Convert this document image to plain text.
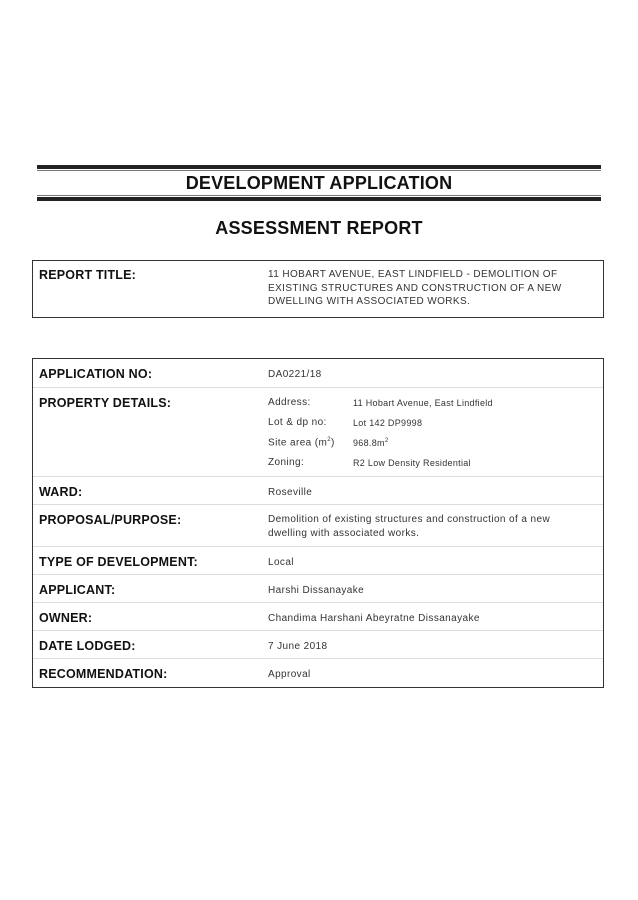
DEVELOPMENT APPLICATION
ASSESSMENT REPORT
REPORT TITLE:	11 HOBART AVENUE, EAST LINDFIELD - DEMOLITION OF
EXISTING STRUCTURES AND CONSTRUCTION OF A NEW
DWELLING WITH ASSOCIATED WORKS.
APPLICATION NO:	DA0221/18
PROPERTY DETAILS:	Address:	11 Hobart Avenue, East Lindfield
Lot & dp no:	Lot 142 DP9998
Site area $(m^2)$ $968.8m^2$
Zoning:	R2 Low Density Residential
WARD:	Roseville
PROPOSAL/PURPOSE:	Demolition of existing structures and construction of a new
dwelling with associated works.
TYPE OF DEVELOPMENT:	Local
APPLICANT:	Harshi Dissanayake
OWNER:	Chandima Harshani Abeyratne Dissanayake
DATE LODGED:	7 June 2018
RECOMMENDATION:	Approval
